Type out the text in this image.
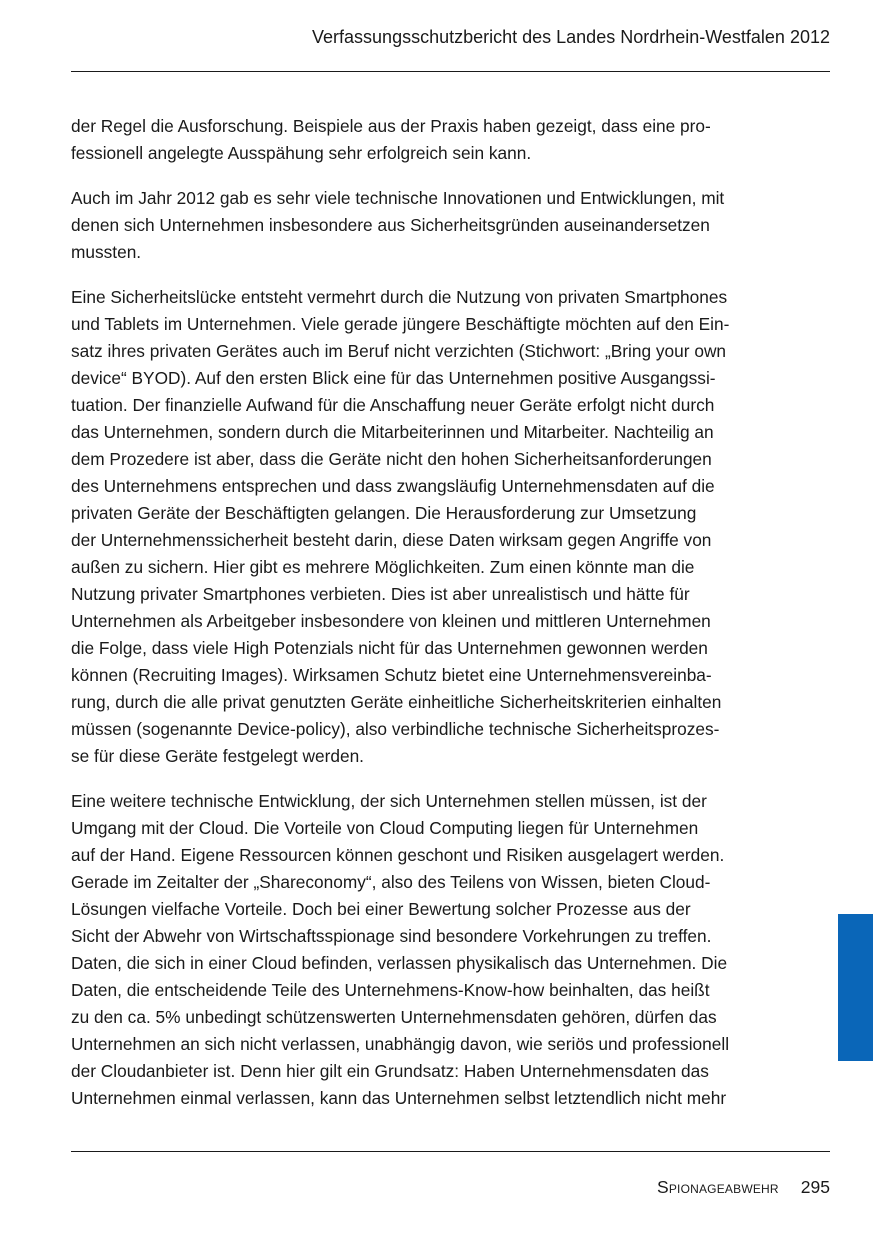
Verfassungsschutzbericht des Landes Nordrhein-Westfalen 2012
der Regel die Ausforschung. Beispiele aus der Praxis haben gezeigt, dass eine pro-
fessionell angelegte Ausspähung sehr erfolgreich sein kann.
Auch im Jahr 2012 gab es sehr viele technische Innovationen und Entwicklungen, mit
denen sich Unternehmen insbesondere aus Sicherheitsgründen auseinandersetzen
mussten.
Eine Sicherheitslücke entsteht vermehrt durch die Nutzung von privaten Smartphones
und Tablets im Unternehmen. Viele gerade jüngere Beschäftigte möchten auf den Ein-
satz ihres privaten Gerätes auch im Beruf nicht verzichten (Stichwort: „Bring your own
device“ BYOD). Auf den ersten Blick eine für das Unternehmen positive Ausgangssi-
tuation. Der finanzielle Aufwand für die Anschaffung neuer Geräte erfolgt nicht durch
das Unternehmen, sondern durch die Mitarbeiterinnen und Mitarbeiter. Nachteilig an
dem Prozedere ist aber, dass die Geräte nicht den hohen Sicherheitsanforderungen
des Unternehmens entsprechen und dass zwangsläufig Unternehmensdaten auf die
privaten Geräte der Beschäftigten gelangen. Die Herausforderung zur Umsetzung
der Unternehmenssicherheit besteht darin, diese Daten wirksam gegen Angriffe von
außen zu sichern. Hier gibt es mehrere Möglichkeiten. Zum einen könnte man die
Nutzung privater Smartphones verbieten. Dies ist aber unrealistisch und hätte für
Unternehmen als Arbeitgeber insbesondere von kleinen und mittleren Unternehmen
die Folge, dass viele High Potenzials nicht für das Unternehmen gewonnen werden
können (Recruiting Images). Wirksamen Schutz bietet eine Unternehmensvereinba-
rung, durch die alle privat genutzten Geräte einheitliche Sicherheitskriterien einhalten
müssen (sogenannte Device-policy), also verbindliche technische Sicherheitsprozes-
se für diese Geräte festgelegt werden.
Eine weitere technische Entwicklung, der sich Unternehmen stellen müssen, ist der
Umgang mit der Cloud. Die Vorteile von Cloud Computing liegen für Unternehmen
auf der Hand. Eigene Ressourcen können geschont und Risiken ausgelagert werden.
Gerade im Zeitalter der „Shareconomy“, also des Teilens von Wissen, bieten Cloud-
Lösungen vielfache Vorteile. Doch bei einer Bewertung solcher Prozesse aus der
Sicht der Abwehr von Wirtschaftsspionage sind besondere Vorkehrungen zu treffen.
Daten, die sich in einer Cloud befinden, verlassen physikalisch das Unternehmen. Die
Daten, die entscheidende Teile des Unternehmens-Know-how beinhalten, das heißt
zu den ca. 5% unbedingt schützenswerten Unternehmensdaten gehören, dürfen das
Unternehmen an sich nicht verlassen, unabhängig davon, wie seriös und professionell
der Cloudanbieter ist. Denn hier gilt ein Grundsatz: Haben Unternehmensdaten das
Unternehmen einmal verlassen, kann das Unternehmen selbst letztendlich nicht mehr
Spionageabwehr 295
